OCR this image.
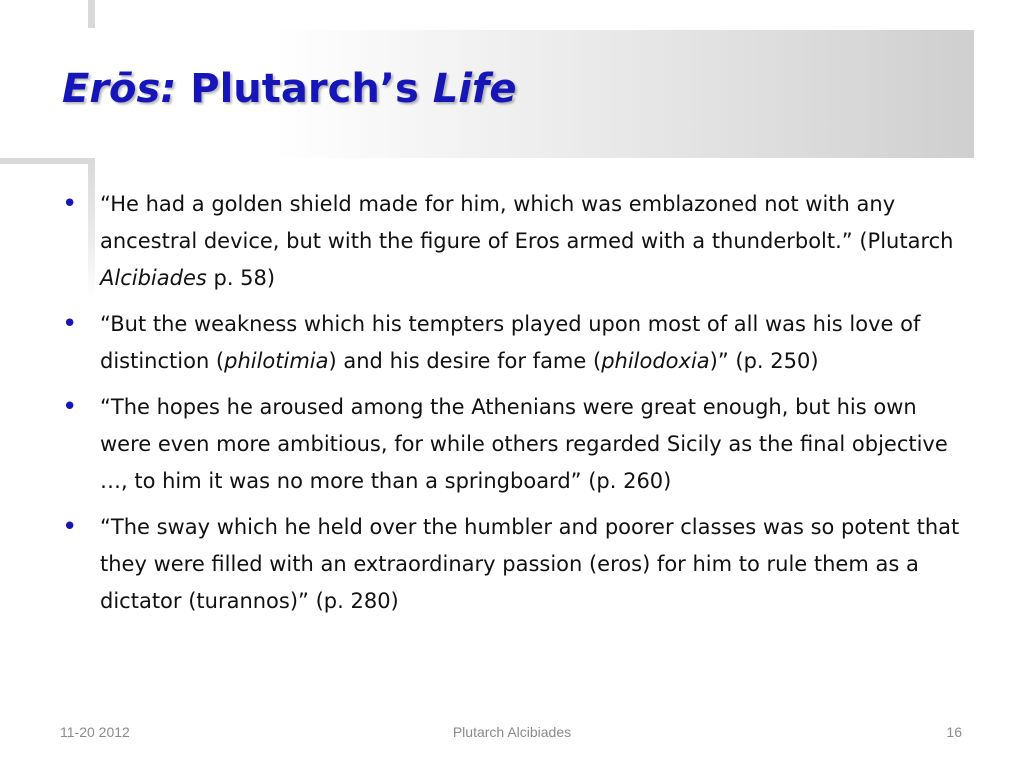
Erōs: Plutarch’s Life
• “He had a golden shield made for him, which was emblazoned not with any ancestral device, but with the figure of Eros armed with a thunderbolt.” (Plutarch Alcibiades p. 58)
• “But the weakness which his tempters played upon most of all was his love of distinction (philotimia) and his desire for fame (philodoxia)” (p. 250)
• “The hopes he aroused among the Athenians were great enough, but his own were even more ambitious, for while others regarded Sicily as the final objective …, to him it was no more than a springboard” (p. 260)
• “The sway which he held over the humbler and poorer classes was so potent that they were filled with an extraordinary passion (eros) for him to rule them as a dictator (turannos)” (p. 280)
11-20 2012	Plutarch Alcibiades	16
